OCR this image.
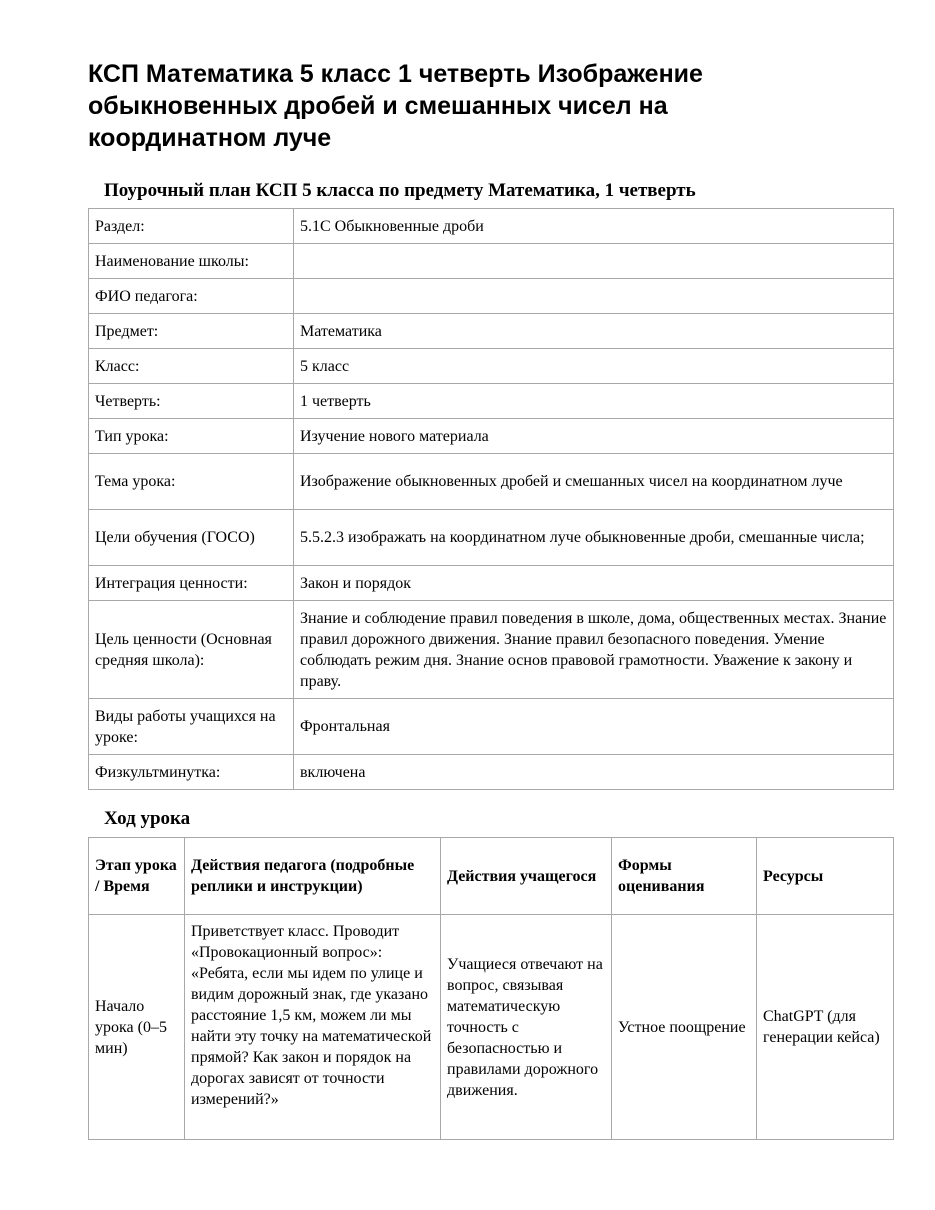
КСП Математика 5 класс 1 четверть Изображение обыкновенных дробей и смешанных чисел на координатном луче
Поурочный план КСП 5 класса по предмету Математика, 1 четверть
Раздел:	5.1С Обыкновенные дроби
Наименование школы:	
ФИО педагога:	
Предмет:	Математика
Класс:	5 класс
Четверть:	1 четверть
Тип урока:	Изучение нового материала
Тема урока:	Изображение обыкновенных дробей и смешанных чисел на координатном луче
Цели обучения (ГОСО)	5.5.2.3 изображать на координатном луче обыкновенные дроби, смешанные числа;
Интеграция ценности:	Закон и порядок
Цель ценности (Основная средняя школа):	Знание и соблюдение правил поведения в школе, дома, общественных местах. Знание правил дорожного движения. Знание правил безопасного поведения. Умение соблюдать режим дня. Знание основ правовой грамотности. Уважение к закону и праву.
Виды работы учащихся на уроке:	Фронтальная
Физкультминутка:	включена
Ход урока
Этап урока / Время	Действия педагога (подробные реплики и инструкции)	Действия учащегося	Формы оценивания	Ресурсы
Начало урока (0–5 мин)	Приветствует класс. Проводит «Провокационный вопрос»: «Ребята, если мы идем по улице и видим дорожный знак, где указано расстояние 1,5 км, можем ли мы найти эту точку на математической прямой? Как закон и порядок на дорогах зависят от точности измерений?»	Учащиеся отвечают на вопрос, связывая математическую точность с безопасностью и правилами дорожного движения.	Устное поощрение	ChatGPT (для генерации кейса)
